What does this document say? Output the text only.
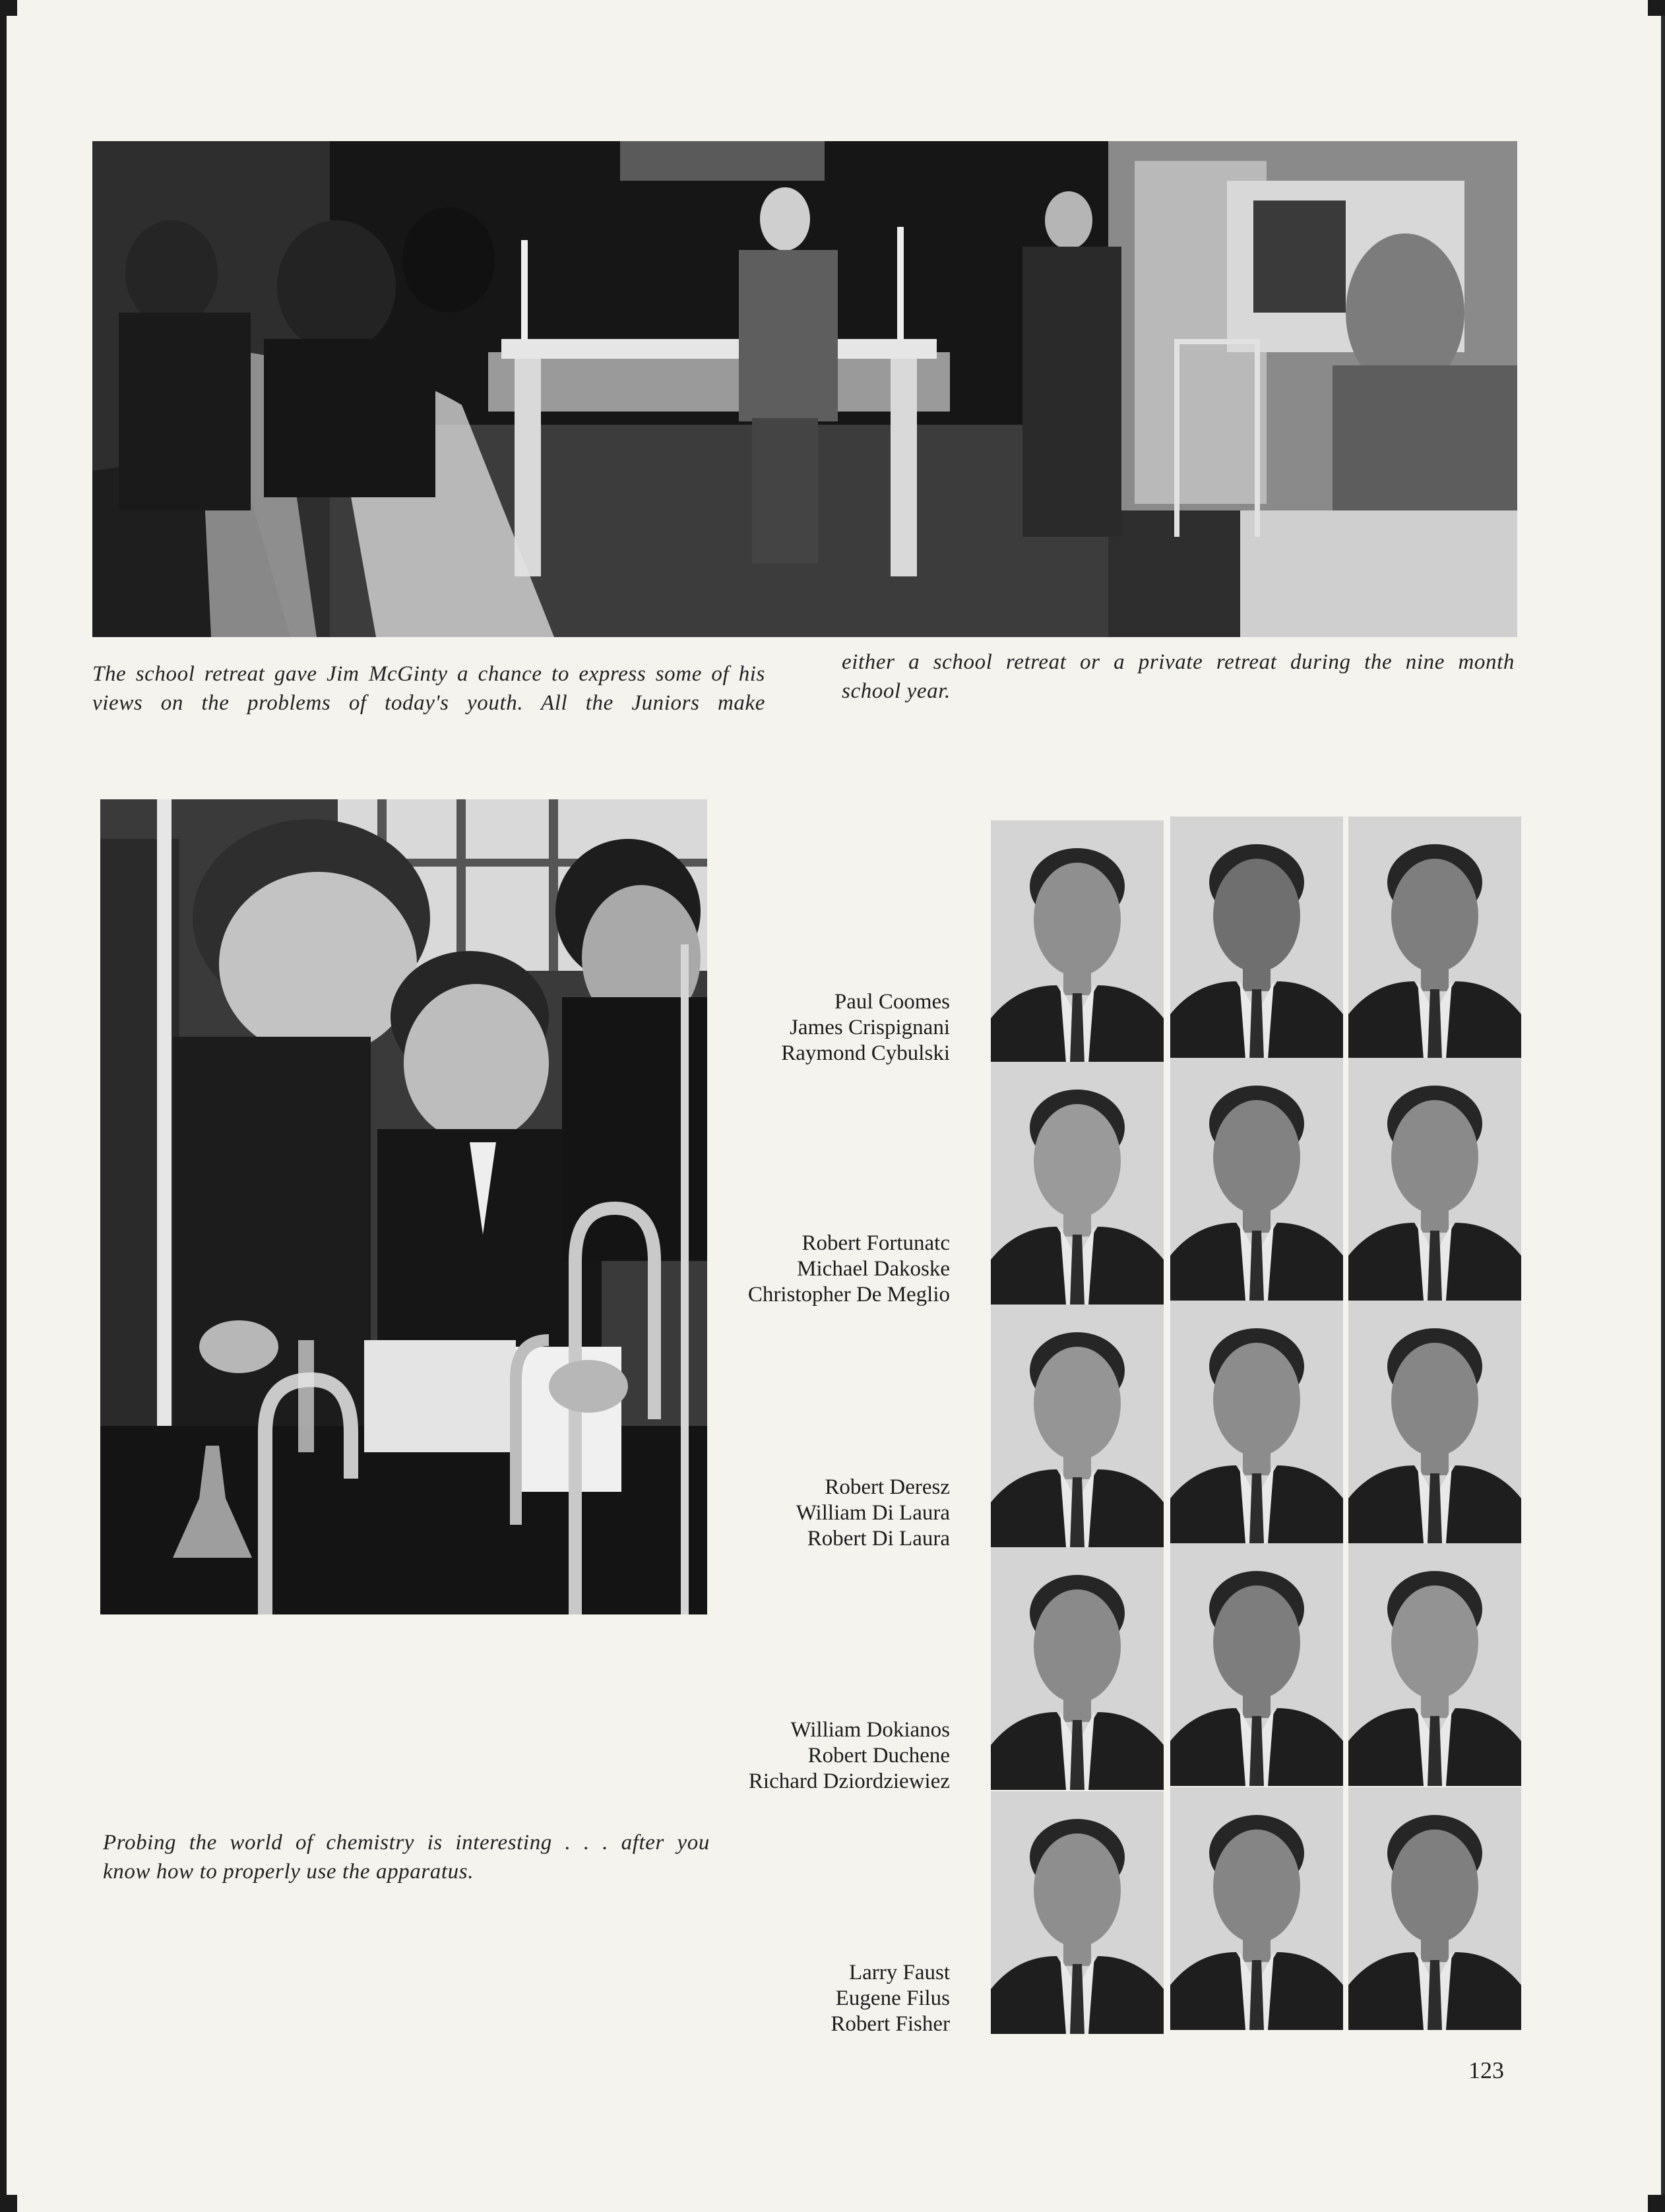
The school retreat gave Jim McGinty a chance to express some of his views on the problems of today's youth. All the Juniors make
either a school retreat or a private retreat during the nine month
school year.
Probing the world of chemistry is interesting . . . after you
know how to properly use the apparatus.
Paul Coomes
James Crispignani
Raymond Cybulski
Robert Fortunatc
Michael Dakoske
Christopher De Meglio
Robert Deresz
William Di Laura
Robert Di Laura
William Dokianos
Robert Duchene
Richard Dziordziewiez
Larry Faust
Eugene Filus
Robert Fisher
123
